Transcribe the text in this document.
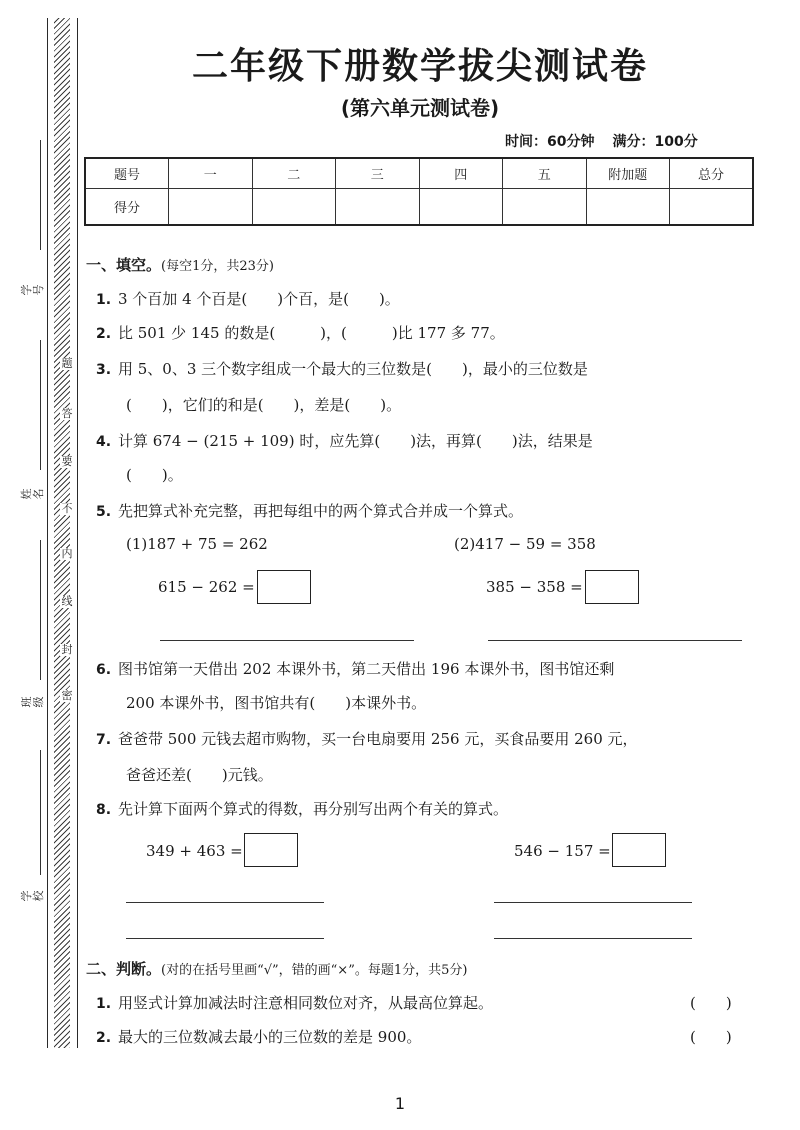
学号
姓名
班级
学校
题
答
要
不
内
线
封
密
二年级下册数学拔尖测试卷
(第六单元测试卷)
时间：60分钟 满分：100分
题号	一	二	三	四	五	附加题	总分
得分							
一、填空。(每空1分，共23分)
1. 3 个百加 4 个百是(　　)个百，是(　　)。
2. 比 501 少 145 的数是(　　　)，(　　　)比 177 多 77。
3. 用 5、0、3 三个数字组成一个最大的三位数是(　　)，最小的三位数是
(　　)，它们的和是(　　)，差是(　　)。
4. 计算 674 − (215 + 109) 时，应先算(　　)法，再算(　　)法，结果是
(　　)。
5. 先把算式补充完整，再把每组中的两个算式合并成一个算式。
(1)187 + 75 = 262	(2)417 − 59 = 358
615 − 262 =	385 − 358 =
6. 图书馆第一天借出 202 本课外书，第二天借出 196 本课外书，图书馆还剩
200 本课外书，图书馆共有(　　)本课外书。
7. 爸爸带 500 元钱去超市购物，买一台电扇要用 256 元，买食品要用 260 元，
爸爸还差(　　)元钱。
8. 先计算下面两个算式的得数，再分别写出两个有关的算式。
349 + 463 =	546 − 157 =
二、判断。(对的在括号里画“√”，错的画“×”。每题1分，共5分)
1. 用竖式计算加减法时注意相同数位对齐，从最高位算起。	(　　)
2. 最大的三位数减去最小的三位数的差是 900。	(　　)
1
